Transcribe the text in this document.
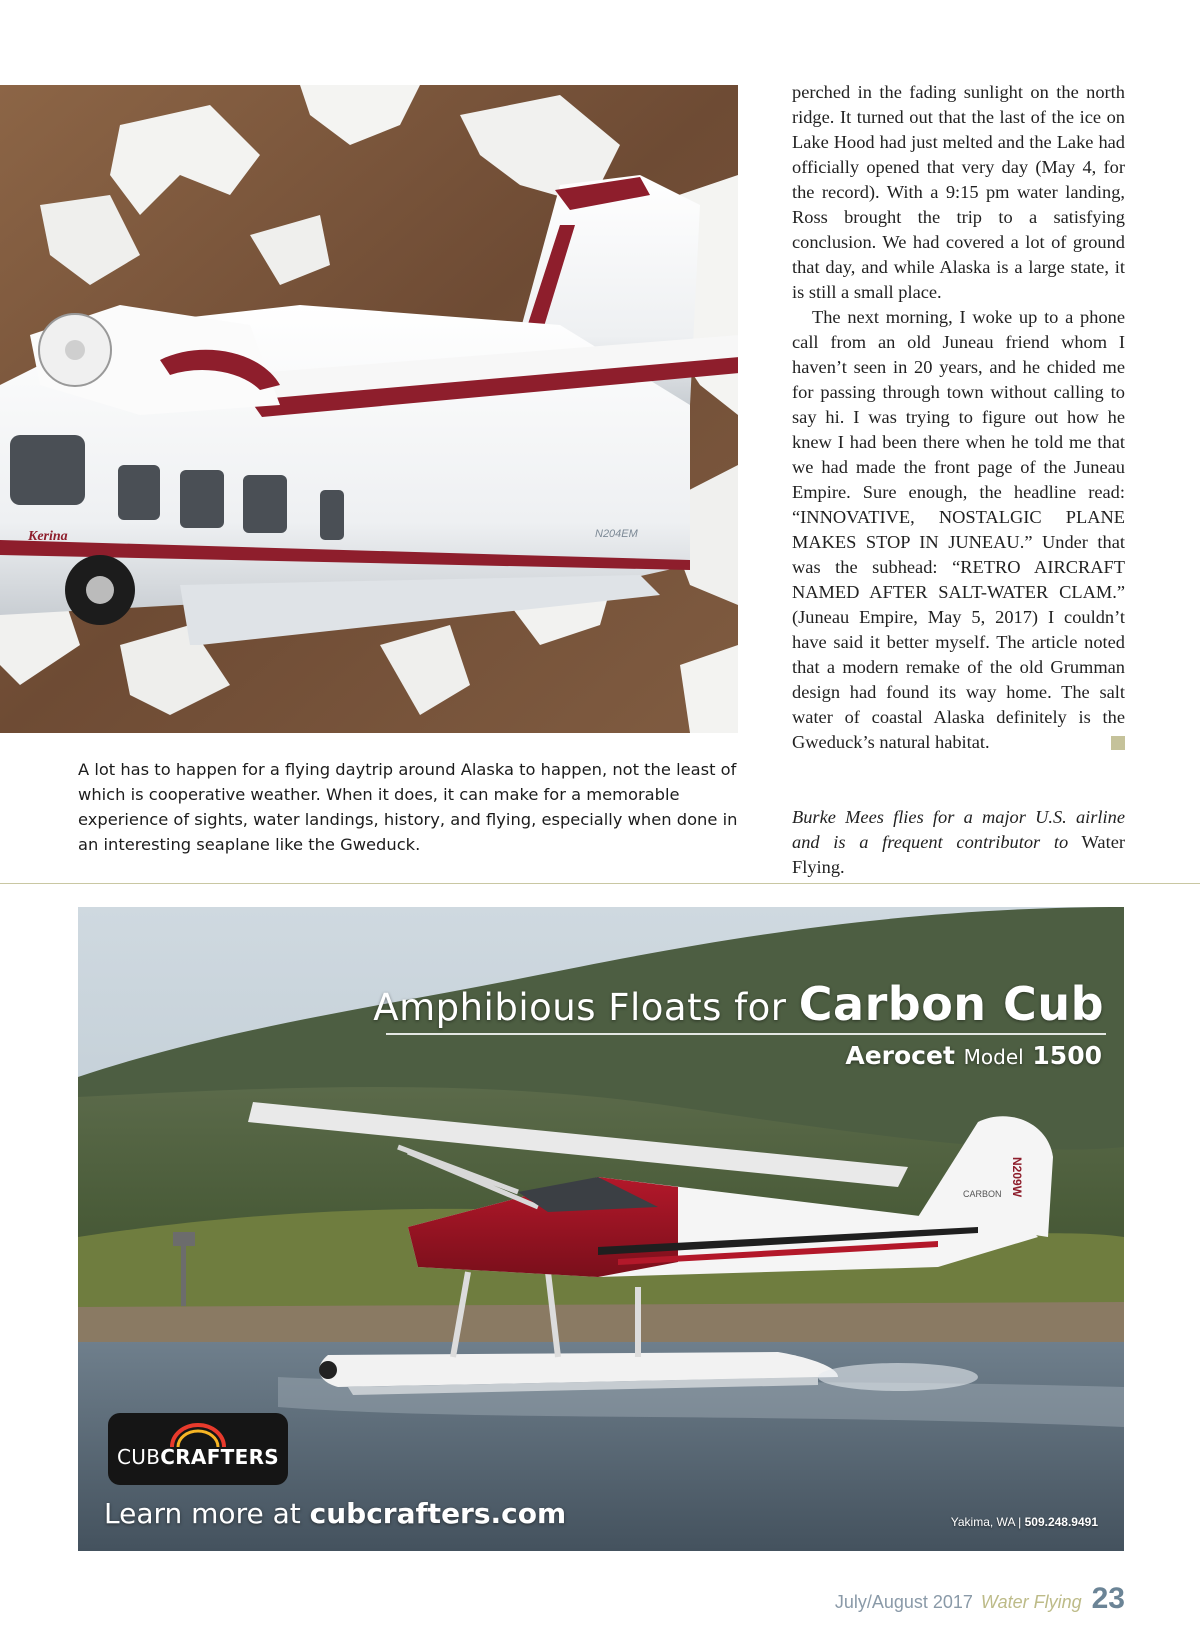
Kerina	N204EM

perched in the fading sunlight on the north ridge. It turned out that the last of the ice on Lake Hood had just melted and the Lake had officially opened that very day (May 4, for the record). With a 9:15 pm water landing, Ross brought the trip to a satisfying conclusion. We had covered a lot of ground that day, and while Alaska is a large state, it is still a small place.

The next morning, I woke up to a phone call from an old Juneau friend whom I haven’t seen in 20 years, and he chided me for passing through town without calling to say hi. I was trying to figure out how he knew I had been there when he told me that we had made the front page of the Juneau Empire. Sure enough, the headline read: “INNOVATIVE, NOSTALGIC PLANE MAKES STOP IN JUNEAU.” Under that was the subhead: “RETRO AIRCRAFT NAMED AFTER SALT-WATER CLAM.” (Juneau Empire, May 5, 2017) I couldn’t have said it better myself. The article noted that a modern remake of the old Grumman design had found its way home. The salt water of coastal Alaska definitely is the Gweduck’s natural habitat.

Burke Mees flies for a major U.S. airline and is a frequent contributor to Water Flying.
A lot has to happen for a flying daytrip around Alaska to happen, not the least of which is cooperative weather. When it does, it can make for a memorable experience of sights, water landings, history, and flying, especially when done in an interesting seaplane like the Gweduck.
CARBON N209W
Amphibious Floats for Carbon Cub
Aerocet Model 1500
CUBCRAFTERS
Learn more at cubcrafters.com	Yakima, WA | 509.248.9491
July/August 2017 Water Flying 23
